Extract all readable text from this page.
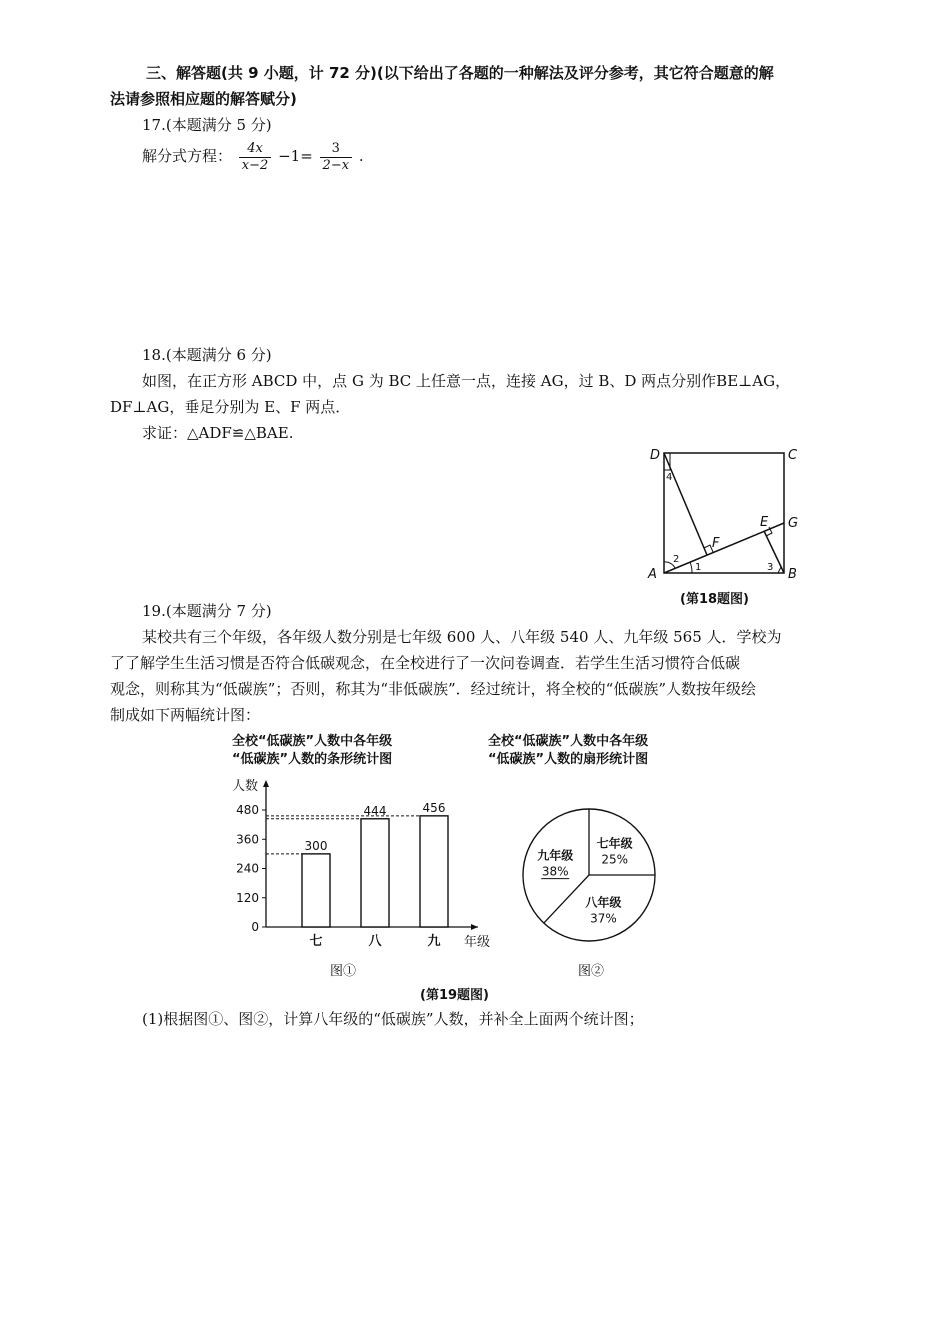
三、解答题(共 9 小题，计 72 分)(以下给出了各题的一种解法及评分参考，其它符合题意的解
法请参照相应题的解答赋分)
17.(本题满分 5 分)
解分式方程： $\frac{4x}{x-2} -1= \frac{3}{2-x}$ .
18.(本题满分 6 分)
如图，在正方形 ABCD 中，点 G 为 BC 上任意一点，连接 AG，过 B、D 两点分别作BE⊥AG，
DF⊥AG，垂足分别为 E、F 两点．
求证：△ADF≌△BAE.
D	C
A	B
G
E
F
1
2
3
4
(第18题图)
19.(本题满分 7 分)
某校共有三个年级，各年级人数分别是七年级 600 人、八年级 540 人、九年级 565 人．学校为
了了解学生生活习惯是否符合低碳观念，在全校进行了一次问卷调查．若学生生活习惯符合低碳
观念，则称其为“低碳族”；否则，称其为“非低碳族”．经过统计，将全校的“低碳族”人数按年级绘
制成如下两幅统计图：
全校“低碳族”人数中各年级
“低碳族”人数的条形统计图
全校“低碳族”人数中各年级
“低碳族”人数的扇形统计图
人数
年级
0
120
240
360
480
300
七
444
八
456
九
图①
七年级
25%
八年级
37%
九年级
38%
图②
(第19题图)
(1)根据图①、图②，计算八年级的“低碳族”人数，并补全上面两个统计图；
